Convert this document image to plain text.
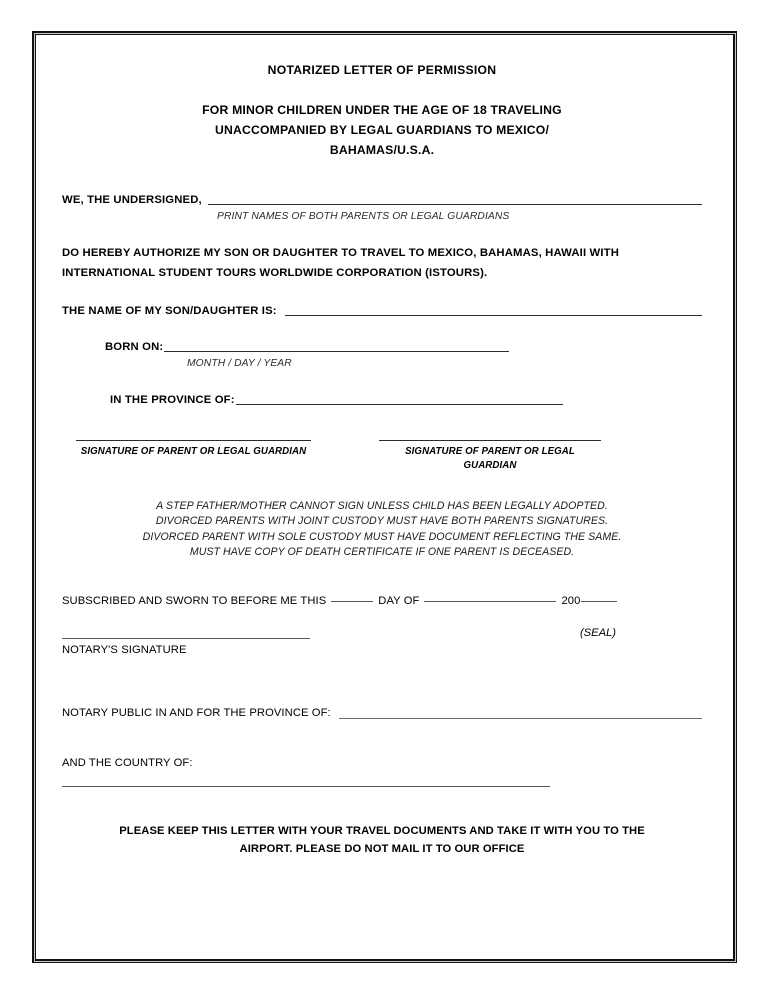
NOTARIZED LETTER OF PERMISSION
FOR MINOR CHILDREN UNDER THE AGE OF 18 TRAVELING
UNACCOMPANIED BY LEGAL GUARDIANS TO MEXICO/
BAHAMAS/U.S.A.
WE, THE UNDERSIGNED,
PRINT NAMES OF BOTH PARENTS OR LEGAL GUARDIANS
DO HEREBY AUTHORIZE MY SON OR DAUGHTER TO TRAVEL TO MEXICO, BAHAMAS, HAWAII WITH
INTERNATIONAL STUDENT TOURS WORLDWIDE CORPORATION (ISTOURS).
THE NAME OF MY SON/DAUGHTER IS:
BORN ON:
MONTH / DAY / YEAR
IN THE PROVINCE OF:
SIGNATURE OF PARENT OR LEGAL GUARDIAN	SIGNATURE OF PARENT OR LEGAL GUARDIAN
A STEP FATHER/MOTHER CANNOT SIGN UNLESS CHILD HAS BEEN LEGALLY ADOPTED.
DIVORCED PARENTS WITH JOINT CUSTODY MUST HAVE BOTH PARENTS SIGNATURES.
DIVORCED PARENT WITH SOLE CUSTODY MUST HAVE DOCUMENT REFLECTING THE SAME.
MUST HAVE COPY OF DEATH CERTIFICATE IF ONE PARENT IS DECEASED.
SUBSCRIBED AND SWORN TO BEFORE ME THIS	DAY OF	200
NOTARY'S SIGNATURE
(SEAL)
NOTARY PUBLIC IN AND FOR THE PROVINCE OF:
AND THE COUNTRY OF:
PLEASE KEEP THIS LETTER WITH YOUR TRAVEL DOCUMENTS AND TAKE IT WITH YOU TO THE
AIRPORT. PLEASE DO NOT MAIL IT TO OUR OFFICE
